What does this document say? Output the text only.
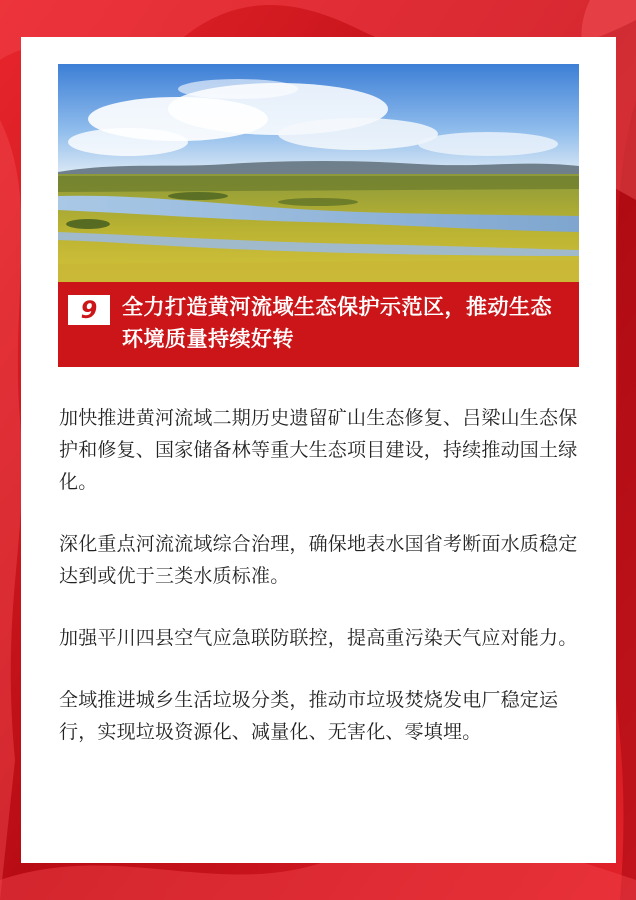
9	全力打造黄河流域生态保护示范区，推动生态环境质量持续好转

加快推进黄河流域二期历史遗留矿山生态修复、吕梁山生态保护和修复、国家储备林等重大生态项目建设，持续推动国土绿化。

深化重点河流流域综合治理，确保地表水国省考断面水质稳定达到或优于三类水质标准。

加强平川四县空气应急联防联控，提高重污染天气应对能力。

全域推进城乡生活垃圾分类，推动市垃圾焚烧发电厂稳定运行，实现垃圾资源化、减量化、无害化、零填埋。
